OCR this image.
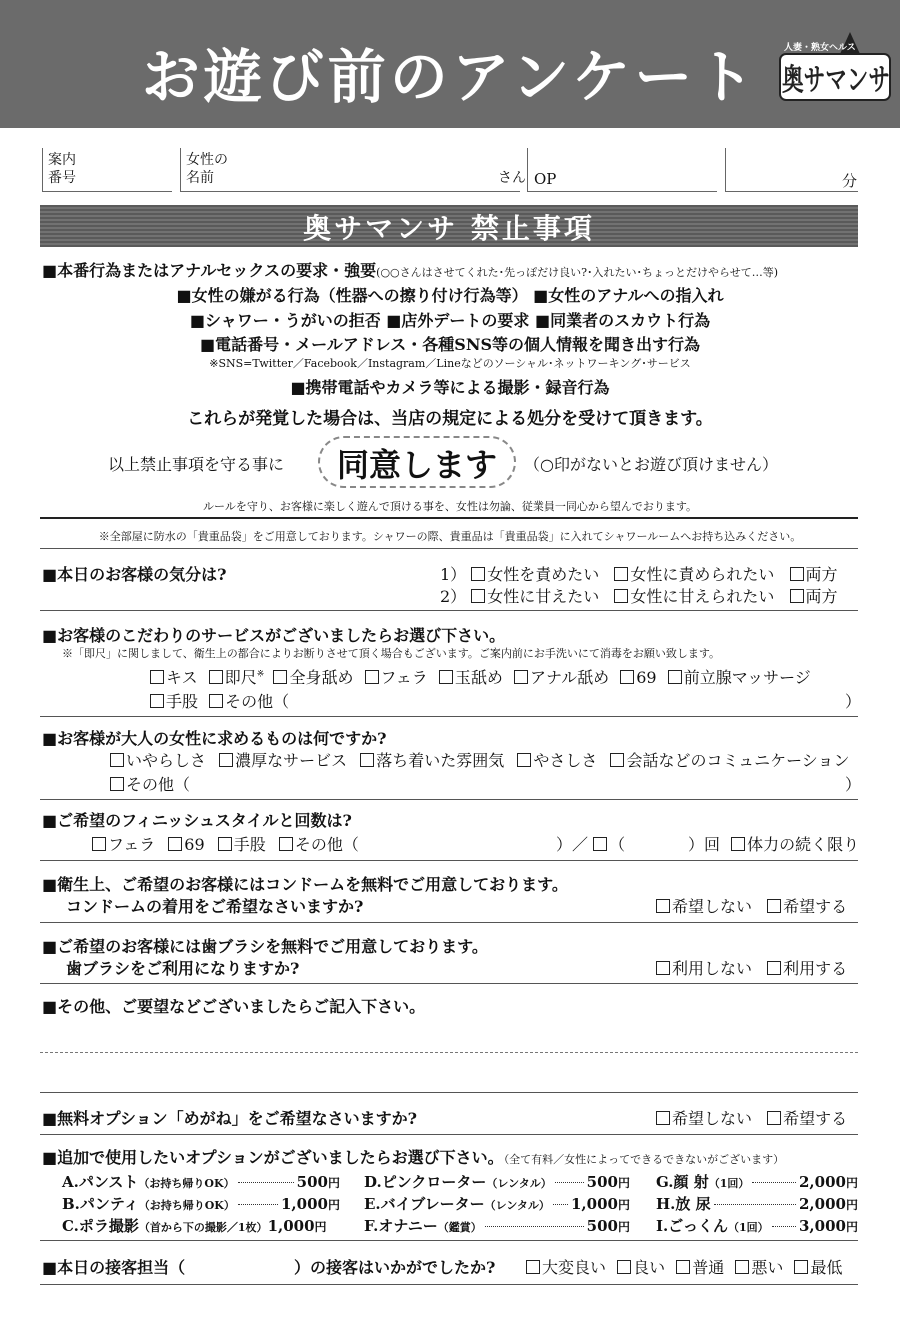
お遊び前のアンケート	人妻・熟女ヘルス
奥サマンサ
案内
番号
女性の
名前	さん OP	分
奥サマンサ 禁止事項
■本番行為またはアナルセックスの要求・強要(○○さんはさせてくれた･先っぽだけ良い?･入れたい･ちょっとだけやらせて…等)
■女性の嫌がる行為（性器への擦り付け行為等） ■女性のアナルへの指入れ
■シャワー・うがいの拒否 ■店外デートの要求 ■同業者のスカウト行為
■電話番号・メールアドレス・各種SNS等の個人情報を聞き出す行為
※SNS=Twitter／Facebook／Instagram／Lineなどのソーシャル･ネットワーキング･サービス
■携帯電話やカメラ等による撮影・録音行為
これらが発覚した場合は、当店の規定による処分を受けて頂きます。
以上禁止事項を守る事に	同意します	（○印がないとお遊び頂けません）
ルールを守り、お客様に楽しく遊んで頂ける事を、女性は勿論、従業員一同心から望んでおります。
※全部屋に防水の「貴重品袋」をご用意しております。シャワーの際、貴重品は「貴重品袋」に入れてシャワールームへお持ち込みください。
■本日のお客様の気分は?	1） 女性を責めたい 女性に責められたい 両方
2） 女性に甘えたい 女性に甘えられたい 両方
■お客様のこだわりのサービスがございましたらお選び下さい。
※「即尺」に関しまして、衛生上の都合によりお断りさせて頂く場合もございます。ご案内前にお手洗いにて消毒をお願い致します。
キス 即尺※ 全身舐め フェラ 玉舐め アナル舐め 69 前立腺マッサージ
手股 その他（	）
■お客様が大人の女性に求めるものは何ですか?
いやらしさ 濃厚なサービス 落ち着いた雰囲気 やさしさ 会話などのコミュニケーション
その他（	）
■ご希望のフィニッシュスタイルと回数は?
フェラ 69 手股 その他（	）／ （	）回 体力の続く限り
■衛生上、ご希望のお客様にはコンドームを無料でご用意しております。
コンドームの着用をご希望なさいますか?	希望しない 希望する
■ご希望のお客様には歯ブラシを無料でご用意しております。
歯ブラシをご利用になりますか?	利用しない 利用する
■その他、ご要望などございましたらご記入下さい。
■無料オプション「めがね」をご希望なさいますか?	希望しない 希望する
■追加で使用したいオプションがございましたらお選び下さい。（全て有料／女性によってできるできないがございます）
A.パンスト （お持ち帰りOK）	500 円
B.パンティ （お持ち帰りOK）	1,000 円
C.ポラ撮影 （首から下の撮影／1枚） 1,000 円
D.ピンクローター （レンタル） 500 円
E.バイブレーター （レンタル） 1,000 円
F.オナニー （鑑賞）	500 円
G.顔 射 （1回）	2,000 円
H.放 尿	2,000 円
I.ごっくん （1回） 3,000 円
■本日の接客担当（	）の接客はいかがでしたか?	大変良い 良い 普通 悪い 最低
